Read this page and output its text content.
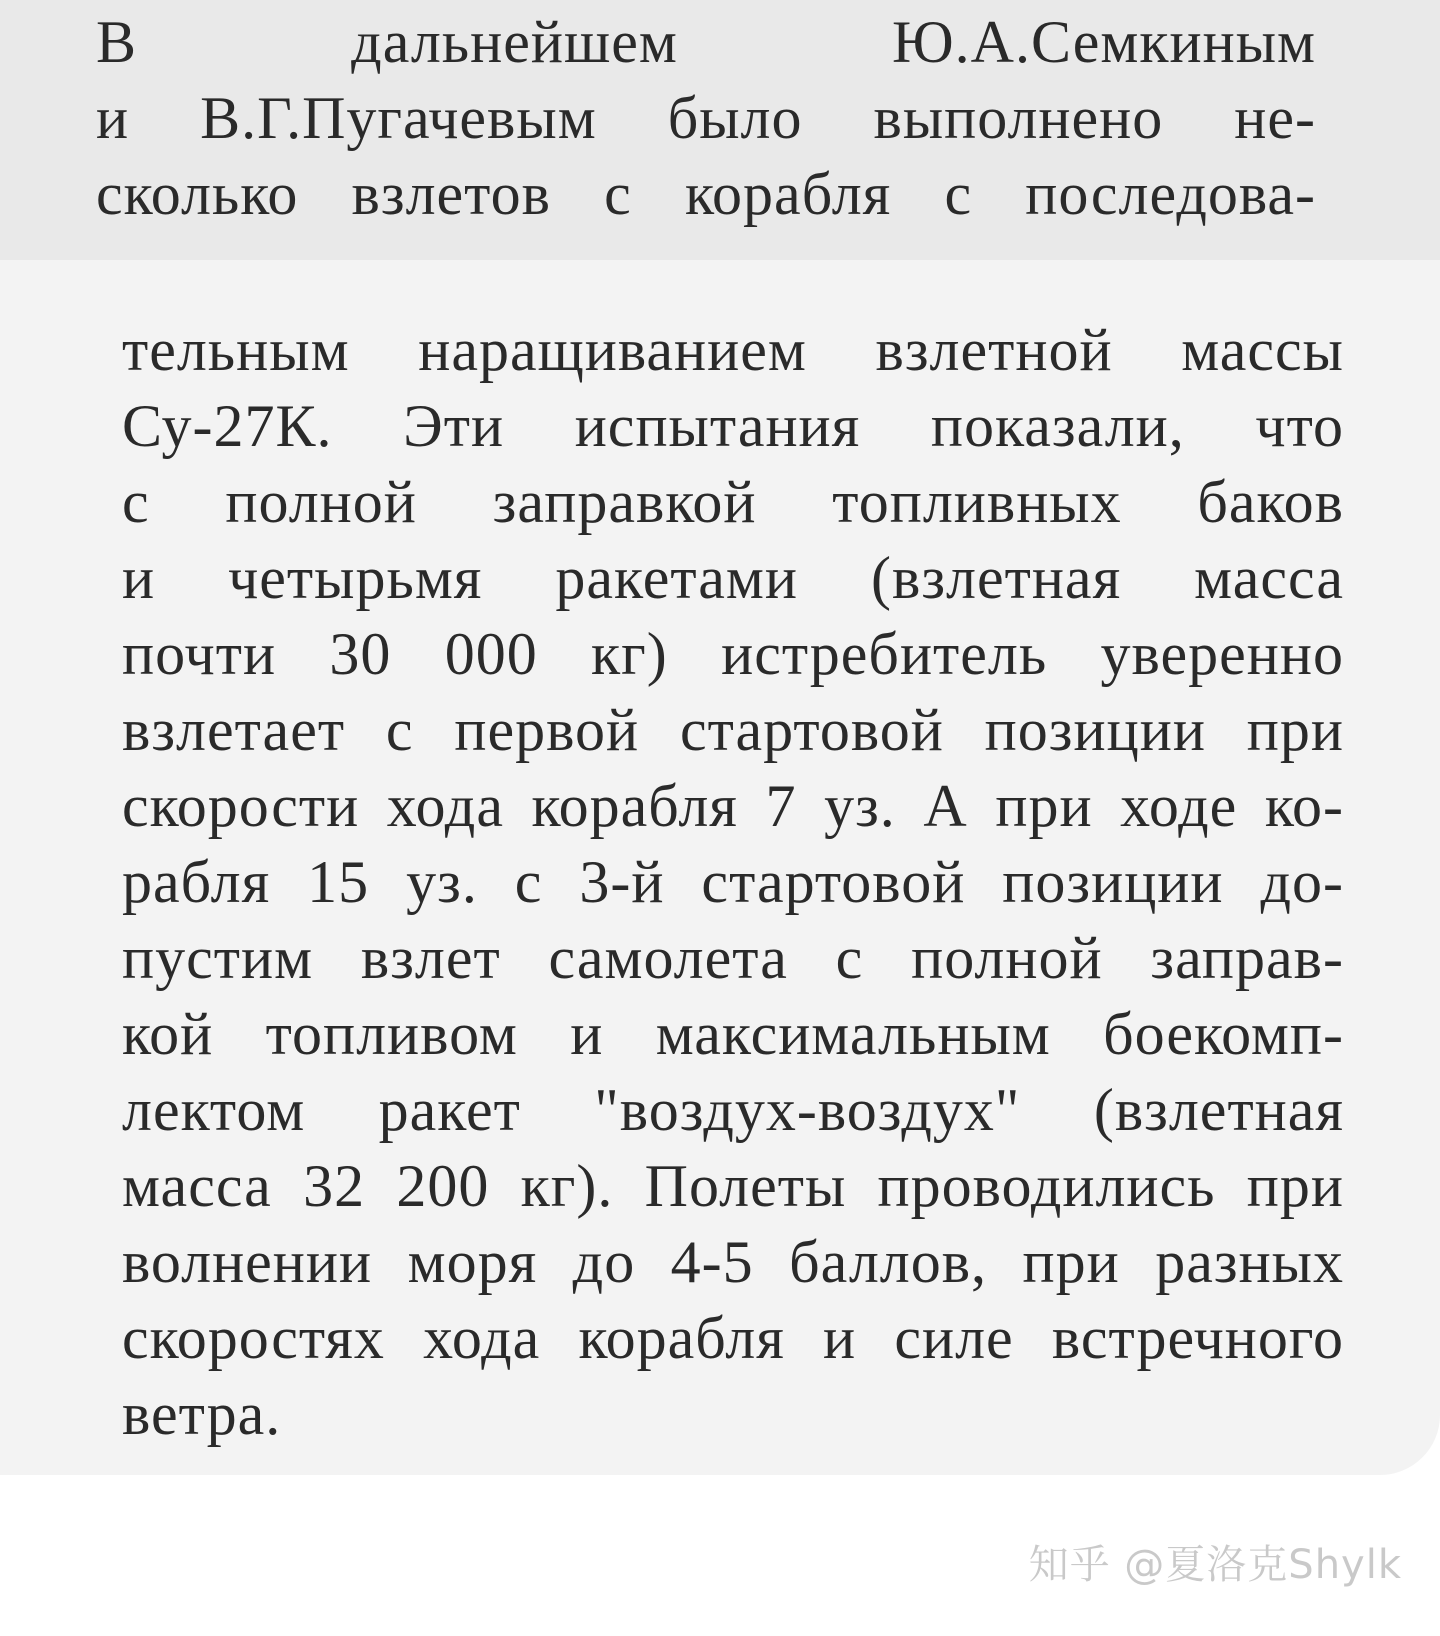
В дальнейшем Ю.А.Семкиным
и В.Г.Пугачевым было выполнено не-
сколько взлетов с корабля с последова-
тельным наращиванием взлетной массы
Су-27К. Эти испытания показали, что
с полной заправкой топливных баков
и четырьмя ракетами (взлетная масса
почти 30 000 кг) истребитель уверенно
взлетает с первой стартовой позиции при
скорости хода корабля 7 уз. А при ходе ко-
рабля 15 уз. с 3-й стартовой позиции до-
пустим взлет самолета с полной заправ-
кой топливом и максимальным боекомп-
лектом ракет "воздух-воздух" (взлетная
масса 32 200 кг). Полеты проводились при
волнении моря до 4-5 баллов, при разных
скоростях хода корабля и силе встречного
ветра.
知乎 @夏洛克Shylk
